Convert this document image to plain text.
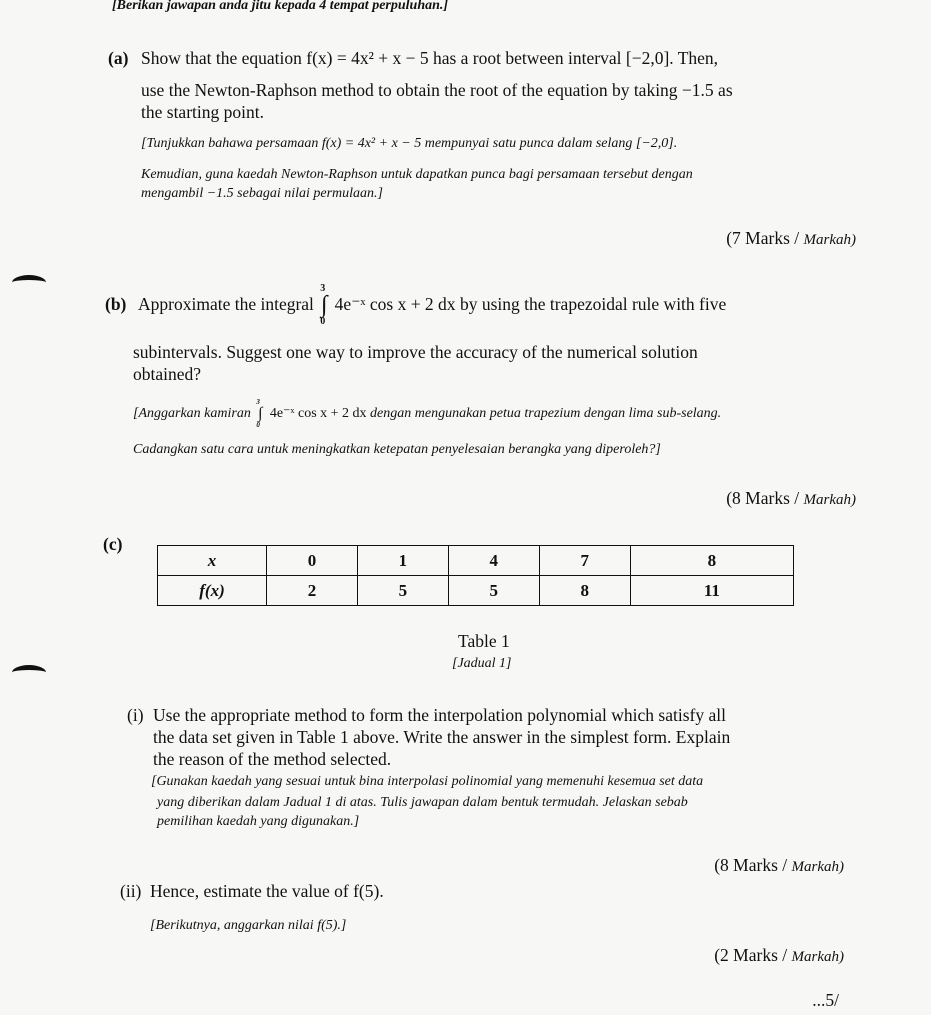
[Berikan jawapan anda jitu kepada 4 tempat perpuluhan.]
(a) Show that the equation f(x) = 4x² + x − 5 has a root between interval [−2,0]. Then,
use the Newton-Raphson method to obtain the root of the equation by taking −1.5 as
the starting point.
[Tunjukkan bahawa persamaan f(x) = 4x² + x − 5 mempunyai satu punca dalam selang [−2,0].
Kemudian, guna kaedah Newton-Raphson untuk dapatkan punca bagi persamaan tersebut dengan
mengambil −1.5 sebagai nilai permulaan.]
(7 Marks / Markah)
(b) Approximate the integral
3
∫
0
4e⁻ˣ cos x + 2 dx by using the trapezoidal rule with five
subintervals. Suggest one way to improve the accuracy of the numerical solution
obtained?
[Anggarkan kamiran
3
∫
0
4e⁻ˣ cos x + 2 dx dengan mengunakan petua trapezium dengan lima sub-selang.
Cadangkan satu cara untuk meningkatkan ketepatan penyelesaian berangka yang diperoleh?]
(8 Marks / Markah)
(c)
x	0	1	4	7	8
f(x)	2	5	5	8	11
Table 1
[Jadual 1]
(i) Use the appropriate method to form the interpolation polynomial which satisfy all
the data set given in Table 1 above. Write the answer in the simplest form. Explain
the reason of the method selected.
[Gunakan kaedah yang sesuai untuk bina interpolasi polinomial yang memenuhi kesemua set data
yang diberikan dalam Jadual 1 di atas. Tulis jawapan dalam bentuk termudah. Jelaskan sebab
pemilihan kaedah yang digunakan.]
(8 Marks / Markah)
(ii) Hence, estimate the value of f(5).
[Berikutnya, anggarkan nilai f(5).]
(2 Marks / Markah)
...5/
